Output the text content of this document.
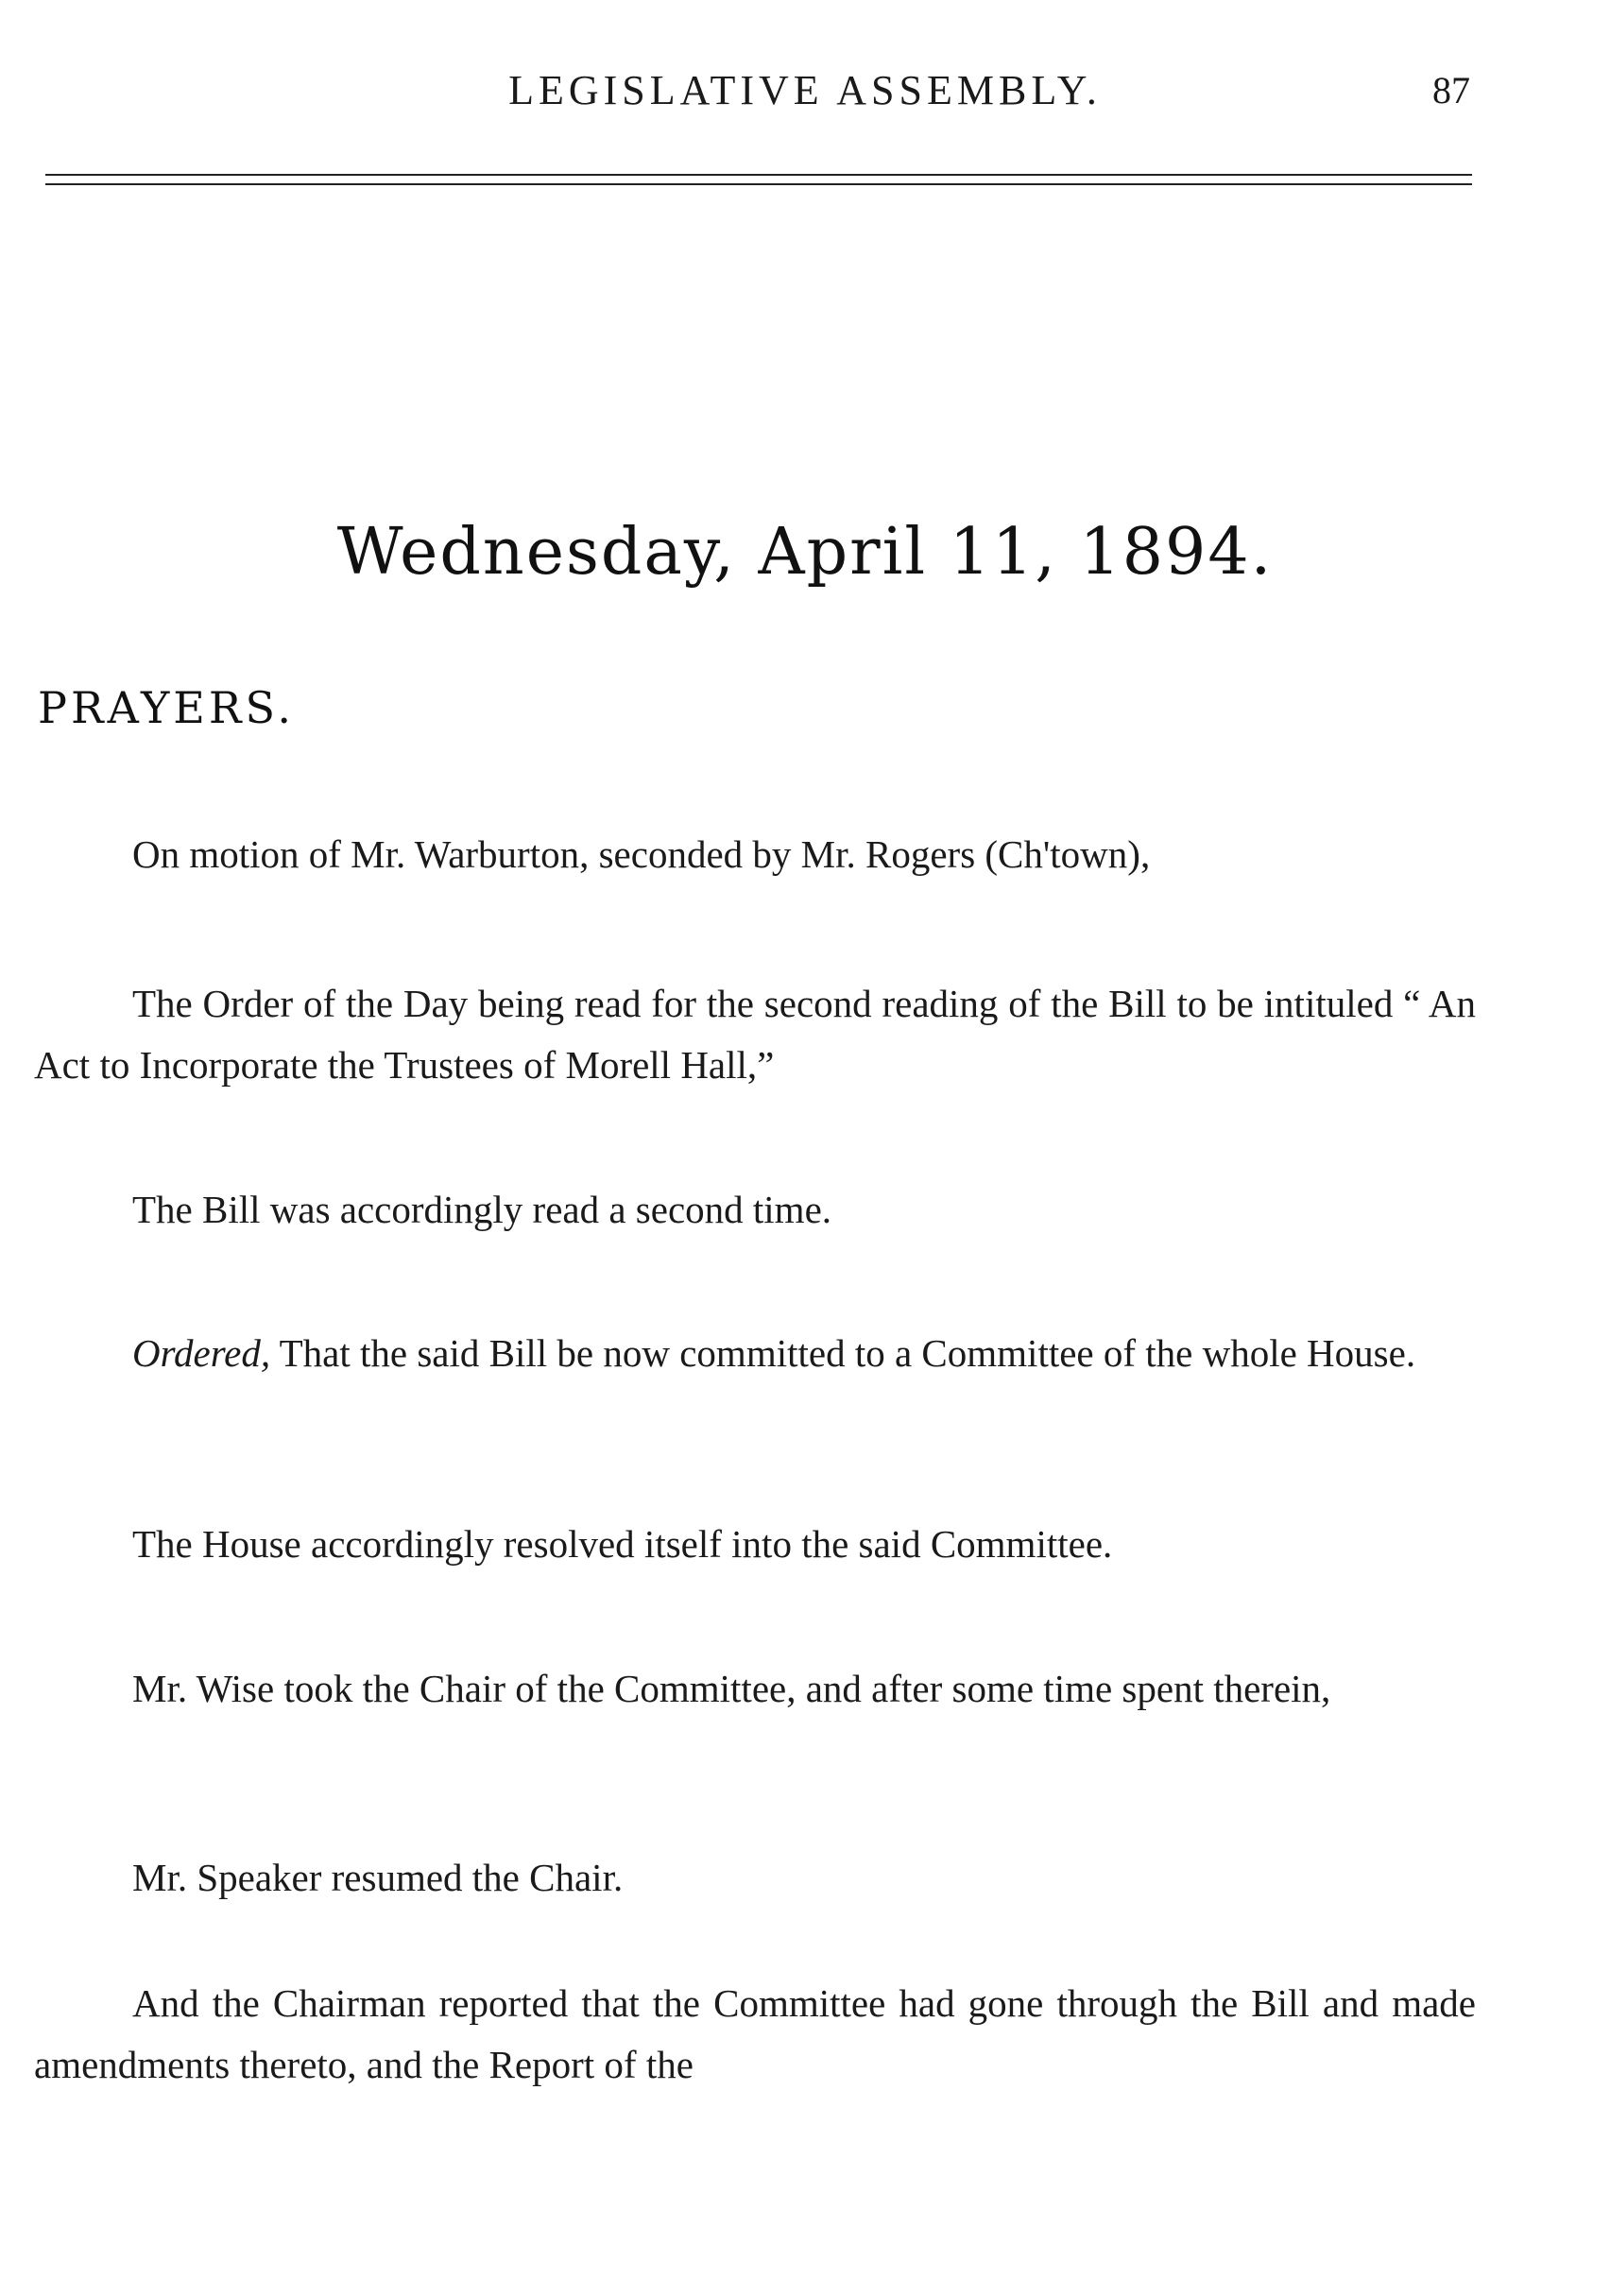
LEGISLATIVE ASSEMBLY.	87
Wednesday, April 11, 1894.
PRAYERS.
On motion of Mr. Warburton, seconded by Mr. Rogers (Ch'town),
The Order of the Day being read for the second reading of the Bill to be intituled “ An Act to Incorporate the Trustees of Morell Hall,”
The Bill was accordingly read a second time.
Ordered, That the said Bill be now committed to a Committee of the whole House.
The House accordingly resolved itself into the said Committee.
Mr. Wise took the Chair of the Committee, and after some time spent therein,
Mr. Speaker resumed the Chair.
And the Chairman reported that the Committee had gone through the Bill and made amendments thereto, and the Report of the
